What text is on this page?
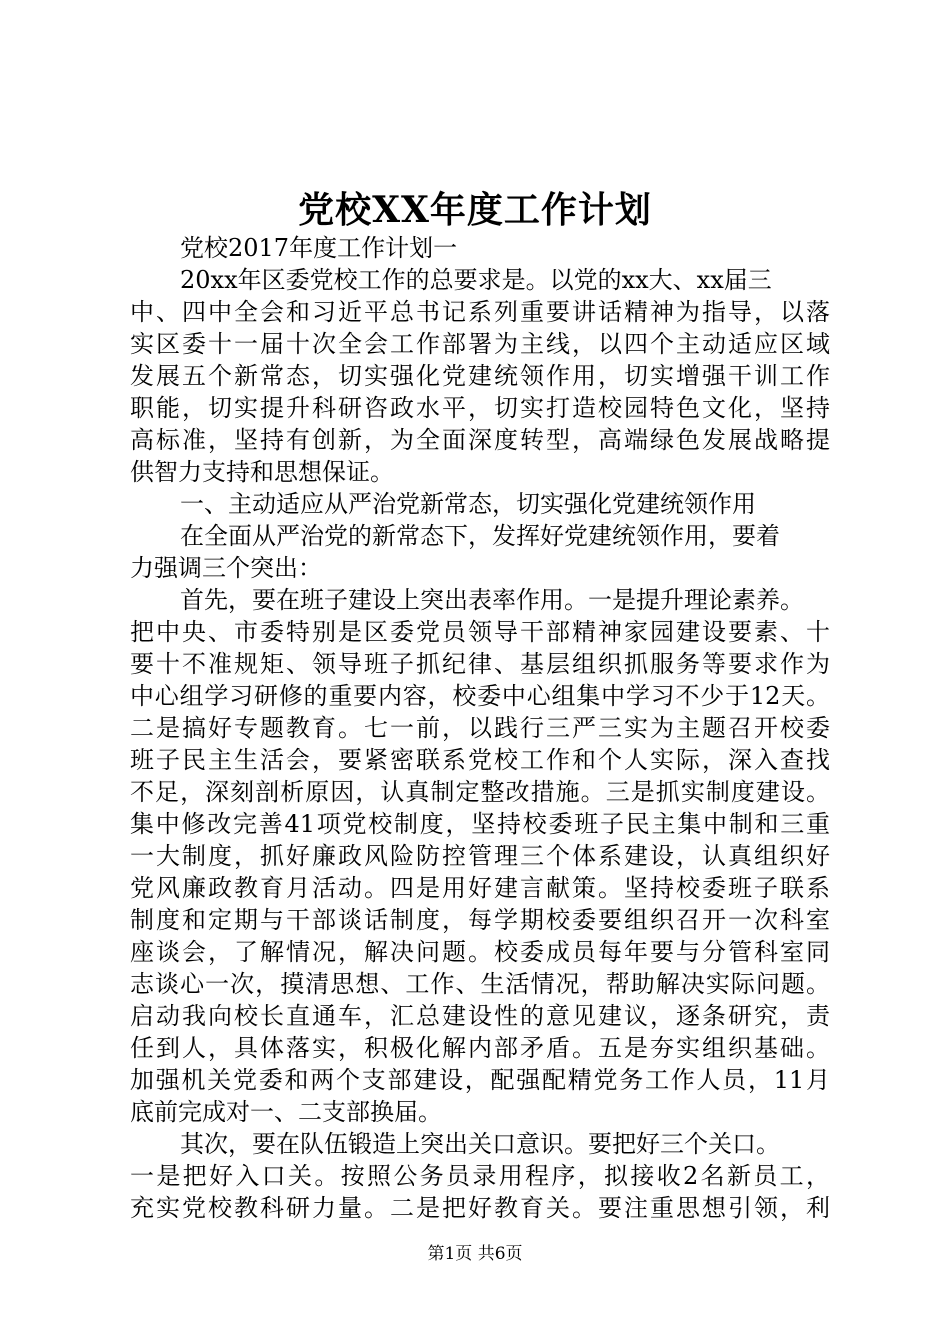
党校XX年度工作计划
党校2017年度工作计划一
20xx年区委党校工作的总要求是。以党的xx大、xx届三
中、四中全会和习近平总书记系列重要讲话精神为指导，以落
实区委十一届十次全会工作部署为主线，以四个主动适应区域
发展五个新常态，切实强化党建统领作用，切实增强干训工作
职能，切实提升科研咨政水平，切实打造校园特色文化，坚持
高标准，坚持有创新，为全面深度转型，高端绿色发展战略提
供智力支持和思想保证。
一、主动适应从严治党新常态，切实强化党建统领作用
在全面从严治党的新常态下，发挥好党建统领作用，要着
力强调三个突出：
首先，要在班子建设上突出表率作用。一是提升理论素养。
把中央、市委特别是区委党员领导干部精神家园建设要素、十
要十不准规矩、领导班子抓纪律、基层组织抓服务等要求作为
中心组学习研修的重要内容，校委中心组集中学习不少于12天。
二是搞好专题教育。七一前，以践行三严三实为主题召开校委
班子民主生活会，要紧密联系党校工作和个人实际，深入查找
不足，深刻剖析原因，认真制定整改措施。三是抓实制度建设。
集中修改完善41项党校制度，坚持校委班子民主集中制和三重
一大制度，抓好廉政风险防控管理三个体系建设，认真组织好
党风廉政教育月活动。四是用好建言献策。坚持校委班子联系
制度和定期与干部谈话制度，每学期校委要组织召开一次科室
座谈会，了解情况，解决问题。校委成员每年要与分管科室同
志谈心一次，摸清思想、工作、生活情况，帮助解决实际问题。
启动我向校长直通车，汇总建设性的意见建议，逐条研究，责
任到人，具体落实，积极化解内部矛盾。五是夯实组织基础。
加强机关党委和两个支部建设，配强配精党务工作人员，11月
底前完成对一、二支部换届。
其次，要在队伍锻造上突出关口意识。要把好三个关口。
一是把好入口关。按照公务员录用程序，拟接收2名新员工，
充实党校教科研力量。二是把好教育关。要注重思想引领，利
第1页 共6页
